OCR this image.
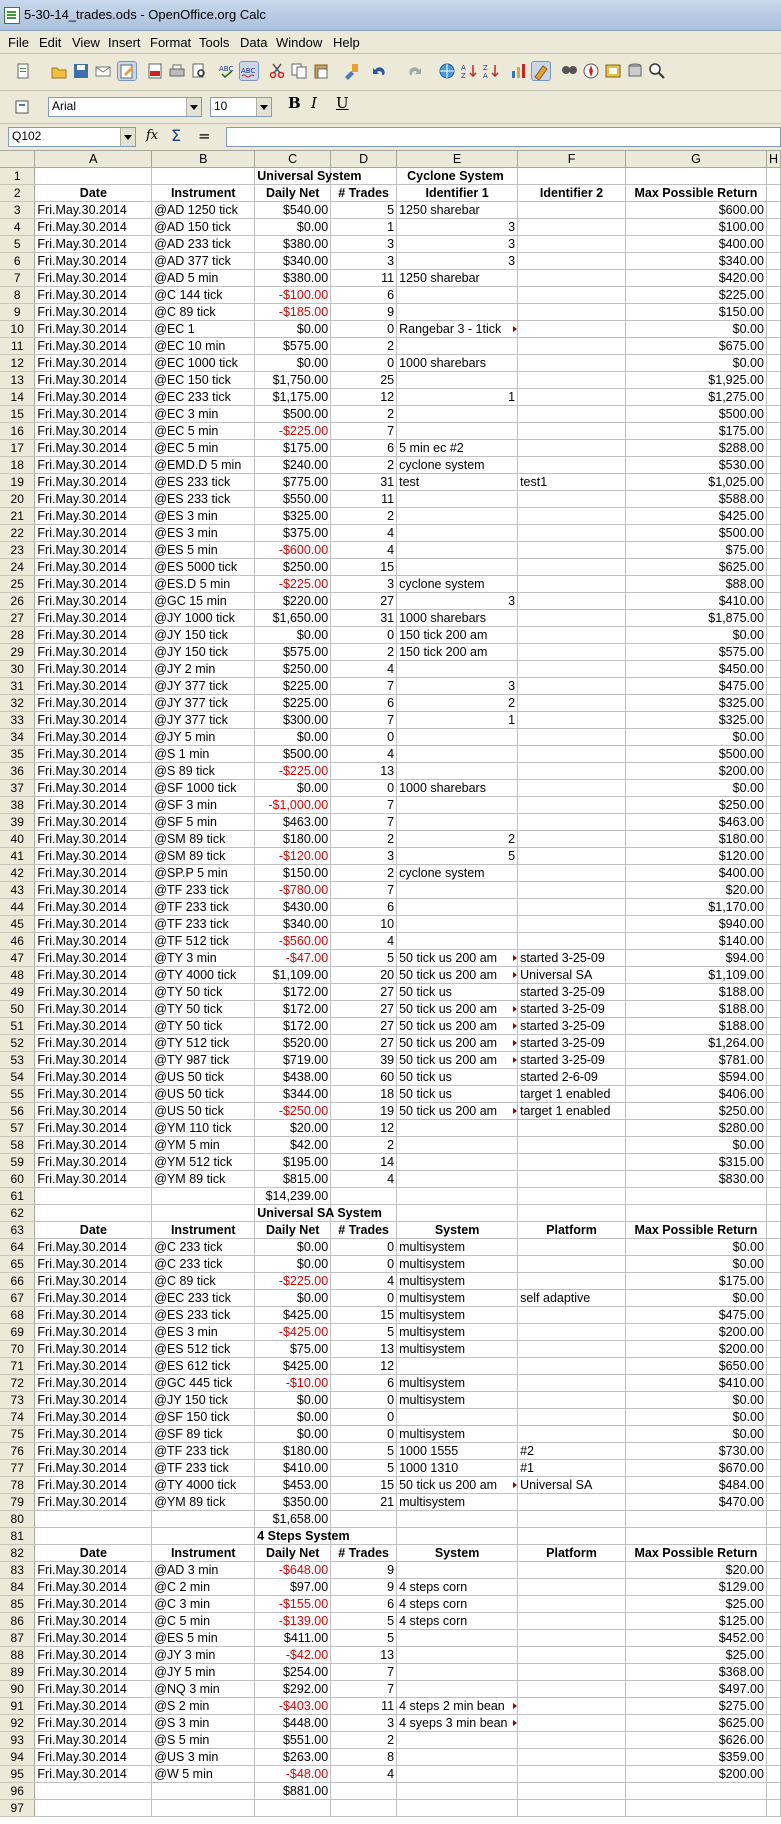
5-30-14_trades.ods - OpenOffice.org Calc
File Edit View Insert Format Tools Data Window Help
ABC ABC	A
Z
Z
A
Arial	10	B I U
Q102	fx Σ =
	A	B	C	D	E	F	G	H
1			Universal System		Cyclone System			

2	Date	Instrument	Daily Net	# Trades	Identifier 1	Identifier 2	Max Possible Return	
3	Fri.May.30.2014	@AD 1250 tick	$540.00	5	1250 sharebar		$600.00	
4	Fri.May.30.2014	@AD 150 tick	$0.00	1	3		$100.00	
5	Fri.May.30.2014	@AD 233 tick	$380.00	3	3		$400.00	
6	Fri.May.30.2014	@AD 377 tick	$340.00	3	3		$340.00	
7	Fri.May.30.2014	@AD 5 min	$380.00	11	1250 sharebar		$420.00	
8	Fri.May.30.2014	@C 144 tick	-$100.00	6			$225.00	
9	Fri.May.30.2014	@C 89 tick	-$185.00	9			$150.00	
10	Fri.May.30.2014	@EC 1	$0.00	0	Rangebar 3 - 1tick		$0.00	
11	Fri.May.30.2014	@EC 10 min	$575.00	2			$675.00	
12	Fri.May.30.2014	@EC 1000 tick	$0.00	0	1000 sharebars		$0.00	
13	Fri.May.30.2014	@EC 150 tick	$1,750.00	25			$1,925.00	
14	Fri.May.30.2014	@EC 233 tick	$1,175.00	12	1		$1,275.00	
15	Fri.May.30.2014	@EC 3 min	$500.00	2			$500.00	
16	Fri.May.30.2014	@EC 5 min	-$225.00	7			$175.00	
17	Fri.May.30.2014	@EC 5 min	$175.00	6	5 min ec #2		$288.00	
18	Fri.May.30.2014	@EMD.D 5 min	$240.00	2	cyclone system		$530.00	
19	Fri.May.30.2014	@ES 233 tick	$775.00	31	test	test1	$1,025.00	
20	Fri.May.30.2014	@ES 233 tick	$550.00	11			$588.00	
21	Fri.May.30.2014	@ES 3 min	$325.00	2			$425.00	
22	Fri.May.30.2014	@ES 3 min	$375.00	4			$500.00	
23	Fri.May.30.2014	@ES 5 min	-$600.00	4			$75.00	
24	Fri.May.30.2014	@ES 5000 tick	$250.00	15			$625.00	
25	Fri.May.30.2014	@ES.D 5 min	-$225.00	3	cyclone system		$88.00	
26	Fri.May.30.2014	@GC 15 min	$220.00	27	3		$410.00	
27	Fri.May.30.2014	@JY 1000 tick	$1,650.00	31	1000 sharebars		$1,875.00	
28	Fri.May.30.2014	@JY 150 tick	$0.00	0	150 tick 200 am		$0.00	
29	Fri.May.30.2014	@JY 150 tick	$575.00	2	150 tick 200 am		$575.00	
30	Fri.May.30.2014	@JY 2 min	$250.00	4			$450.00	
31	Fri.May.30.2014	@JY 377 tick	$225.00	7	3		$475.00	
32	Fri.May.30.2014	@JY 377 tick	$225.00	6	2		$325.00	
33	Fri.May.30.2014	@JY 377 tick	$300.00	7	1		$325.00	
34	Fri.May.30.2014	@JY 5 min	$0.00	0			$0.00	
35	Fri.May.30.2014	@S 1 min	$500.00	4			$500.00	
36	Fri.May.30.2014	@S 89 tick	-$225.00	13			$200.00	
37	Fri.May.30.2014	@SF 1000 tick	$0.00	0	1000 sharebars		$0.00	
38	Fri.May.30.2014	@SF 3 min	-$1,000.00	7			$250.00	
39	Fri.May.30.2014	@SF 5 min	$463.00	7			$463.00	
40	Fri.May.30.2014	@SM 89 tick	$180.00	2	2		$180.00	
41	Fri.May.30.2014	@SM 89 tick	-$120.00	3	5		$120.00	
42	Fri.May.30.2014	@SP.P 5 min	$150.00	2	cyclone system		$400.00	
43	Fri.May.30.2014	@TF 233 tick	-$780.00	7			$20.00	
44	Fri.May.30.2014	@TF 233 tick	$430.00	6			$1,170.00	
45	Fri.May.30.2014	@TF 233 tick	$340.00	10			$940.00	
46	Fri.May.30.2014	@TF 512 tick	-$560.00	4			$140.00	
47	Fri.May.30.2014	@TY 3 min	-$47.00	5	50 tick us 200 am	started 3-25-09	$94.00	
48	Fri.May.30.2014	@TY 4000 tick	$1,109.00	20	50 tick us 200 am	Universal SA	$1,109.00	
49	Fri.May.30.2014	@TY 50 tick	$172.00	27	50 tick us	started 3-25-09	$188.00	
50	Fri.May.30.2014	@TY 50 tick	$172.00	27	50 tick us 200 am	started 3-25-09	$188.00	
51	Fri.May.30.2014	@TY 50 tick	$172.00	27	50 tick us 200 am	started 3-25-09	$188.00	
52	Fri.May.30.2014	@TY 512 tick	$520.00	27	50 tick us 200 am	started 3-25-09	$1,264.00	
53	Fri.May.30.2014	@TY 987 tick	$719.00	39	50 tick us 200 am	started 3-25-09	$781.00	
54	Fri.May.30.2014	@US 50 tick	$438.00	60	50 tick us	started 2-6-09	$594.00	
55	Fri.May.30.2014	@US 50 tick	$344.00	18	50 tick us	target 1 enabled	$406.00	
56	Fri.May.30.2014	@US 50 tick	-$250.00	19	50 tick us 200 am	target 1 enabled	$250.00	
57	Fri.May.30.2014	@YM 110 tick	$20.00	12			$280.00	
58	Fri.May.30.2014	@YM 5 min	$42.00	2			$0.00	
59	Fri.May.30.2014	@YM 512 tick	$195.00	14			$315.00	
60	Fri.May.30.2014	@YM 89 tick	$815.00	4			$830.00	
61			$14,239.00					
62			Universal SA System					

63	Date	Instrument	Daily Net	# Trades	System	Platform	Max Possible Return	
64	Fri.May.30.2014	@C 233 tick	$0.00	0	multisystem		$0.00	
65	Fri.May.30.2014	@C 233 tick	$0.00	0	multisystem		$0.00	
66	Fri.May.30.2014	@C 89 tick	-$225.00	4	multisystem		$175.00	
67	Fri.May.30.2014	@EC 233 tick	$0.00	0	multisystem	self adaptive	$0.00	
68	Fri.May.30.2014	@ES 233 tick	$425.00	15	multisystem		$475.00	
69	Fri.May.30.2014	@ES 3 min	-$425.00	5	multisystem		$200.00	
70	Fri.May.30.2014	@ES 512 tick	$75.00	13	multisystem		$200.00	
71	Fri.May.30.2014	@ES 612 tick	$425.00	12			$650.00	
72	Fri.May.30.2014	@GC 445 tick	-$10.00	6	multisystem		$410.00	
73	Fri.May.30.2014	@JY 150 tick	$0.00	0	multisystem		$0.00	
74	Fri.May.30.2014	@SF 150 tick	$0.00	0			$0.00	
75	Fri.May.30.2014	@SF 89 tick	$0.00	0	multisystem		$0.00	
76	Fri.May.30.2014	@TF 233 tick	$180.00	5	1000 1555	#2	$730.00	
77	Fri.May.30.2014	@TF 233 tick	$410.00	5	1000 1310	#1	$670.00	
78	Fri.May.30.2014	@TY 4000 tick	$453.00	15	50 tick us 200 am	Universal SA	$484.00	
79	Fri.May.30.2014	@YM 89 tick	$350.00	21	multisystem		$470.00	
80			$1,658.00					
81			4 Steps System					

82	Date	Instrument	Daily Net	# Trades	System	Platform	Max Possible Return	
83	Fri.May.30.2014	@AD 3 min	-$648.00	9			$20.00	
84	Fri.May.30.2014	@C 2 min	$97.00	9	4 steps corn		$129.00	
85	Fri.May.30.2014	@C 3 min	-$155.00	6	4 steps corn		$25.00	
86	Fri.May.30.2014	@C 5 min	-$139.00	5	4 steps corn		$125.00	
87	Fri.May.30.2014	@ES 5 min	$411.00	5			$452.00	
88	Fri.May.30.2014	@JY 3 min	-$42.00	13			$25.00	
89	Fri.May.30.2014	@JY 5 min	$254.00	7			$368.00	
90	Fri.May.30.2014	@NQ 3 min	$292.00	7			$497.00	
91	Fri.May.30.2014	@S 2 min	-$403.00	11	4 steps 2 min bean		$275.00	
92	Fri.May.30.2014	@S 3 min	$448.00	3	4 syeps 3 min bean		$625.00	
93	Fri.May.30.2014	@S 5 min	$551.00	2			$626.00	
94	Fri.May.30.2014	@US 3 min	$263.00	8			$359.00	
95	Fri.May.30.2014	@W 5 min	-$48.00	4			$200.00	
96			$881.00					
97								
